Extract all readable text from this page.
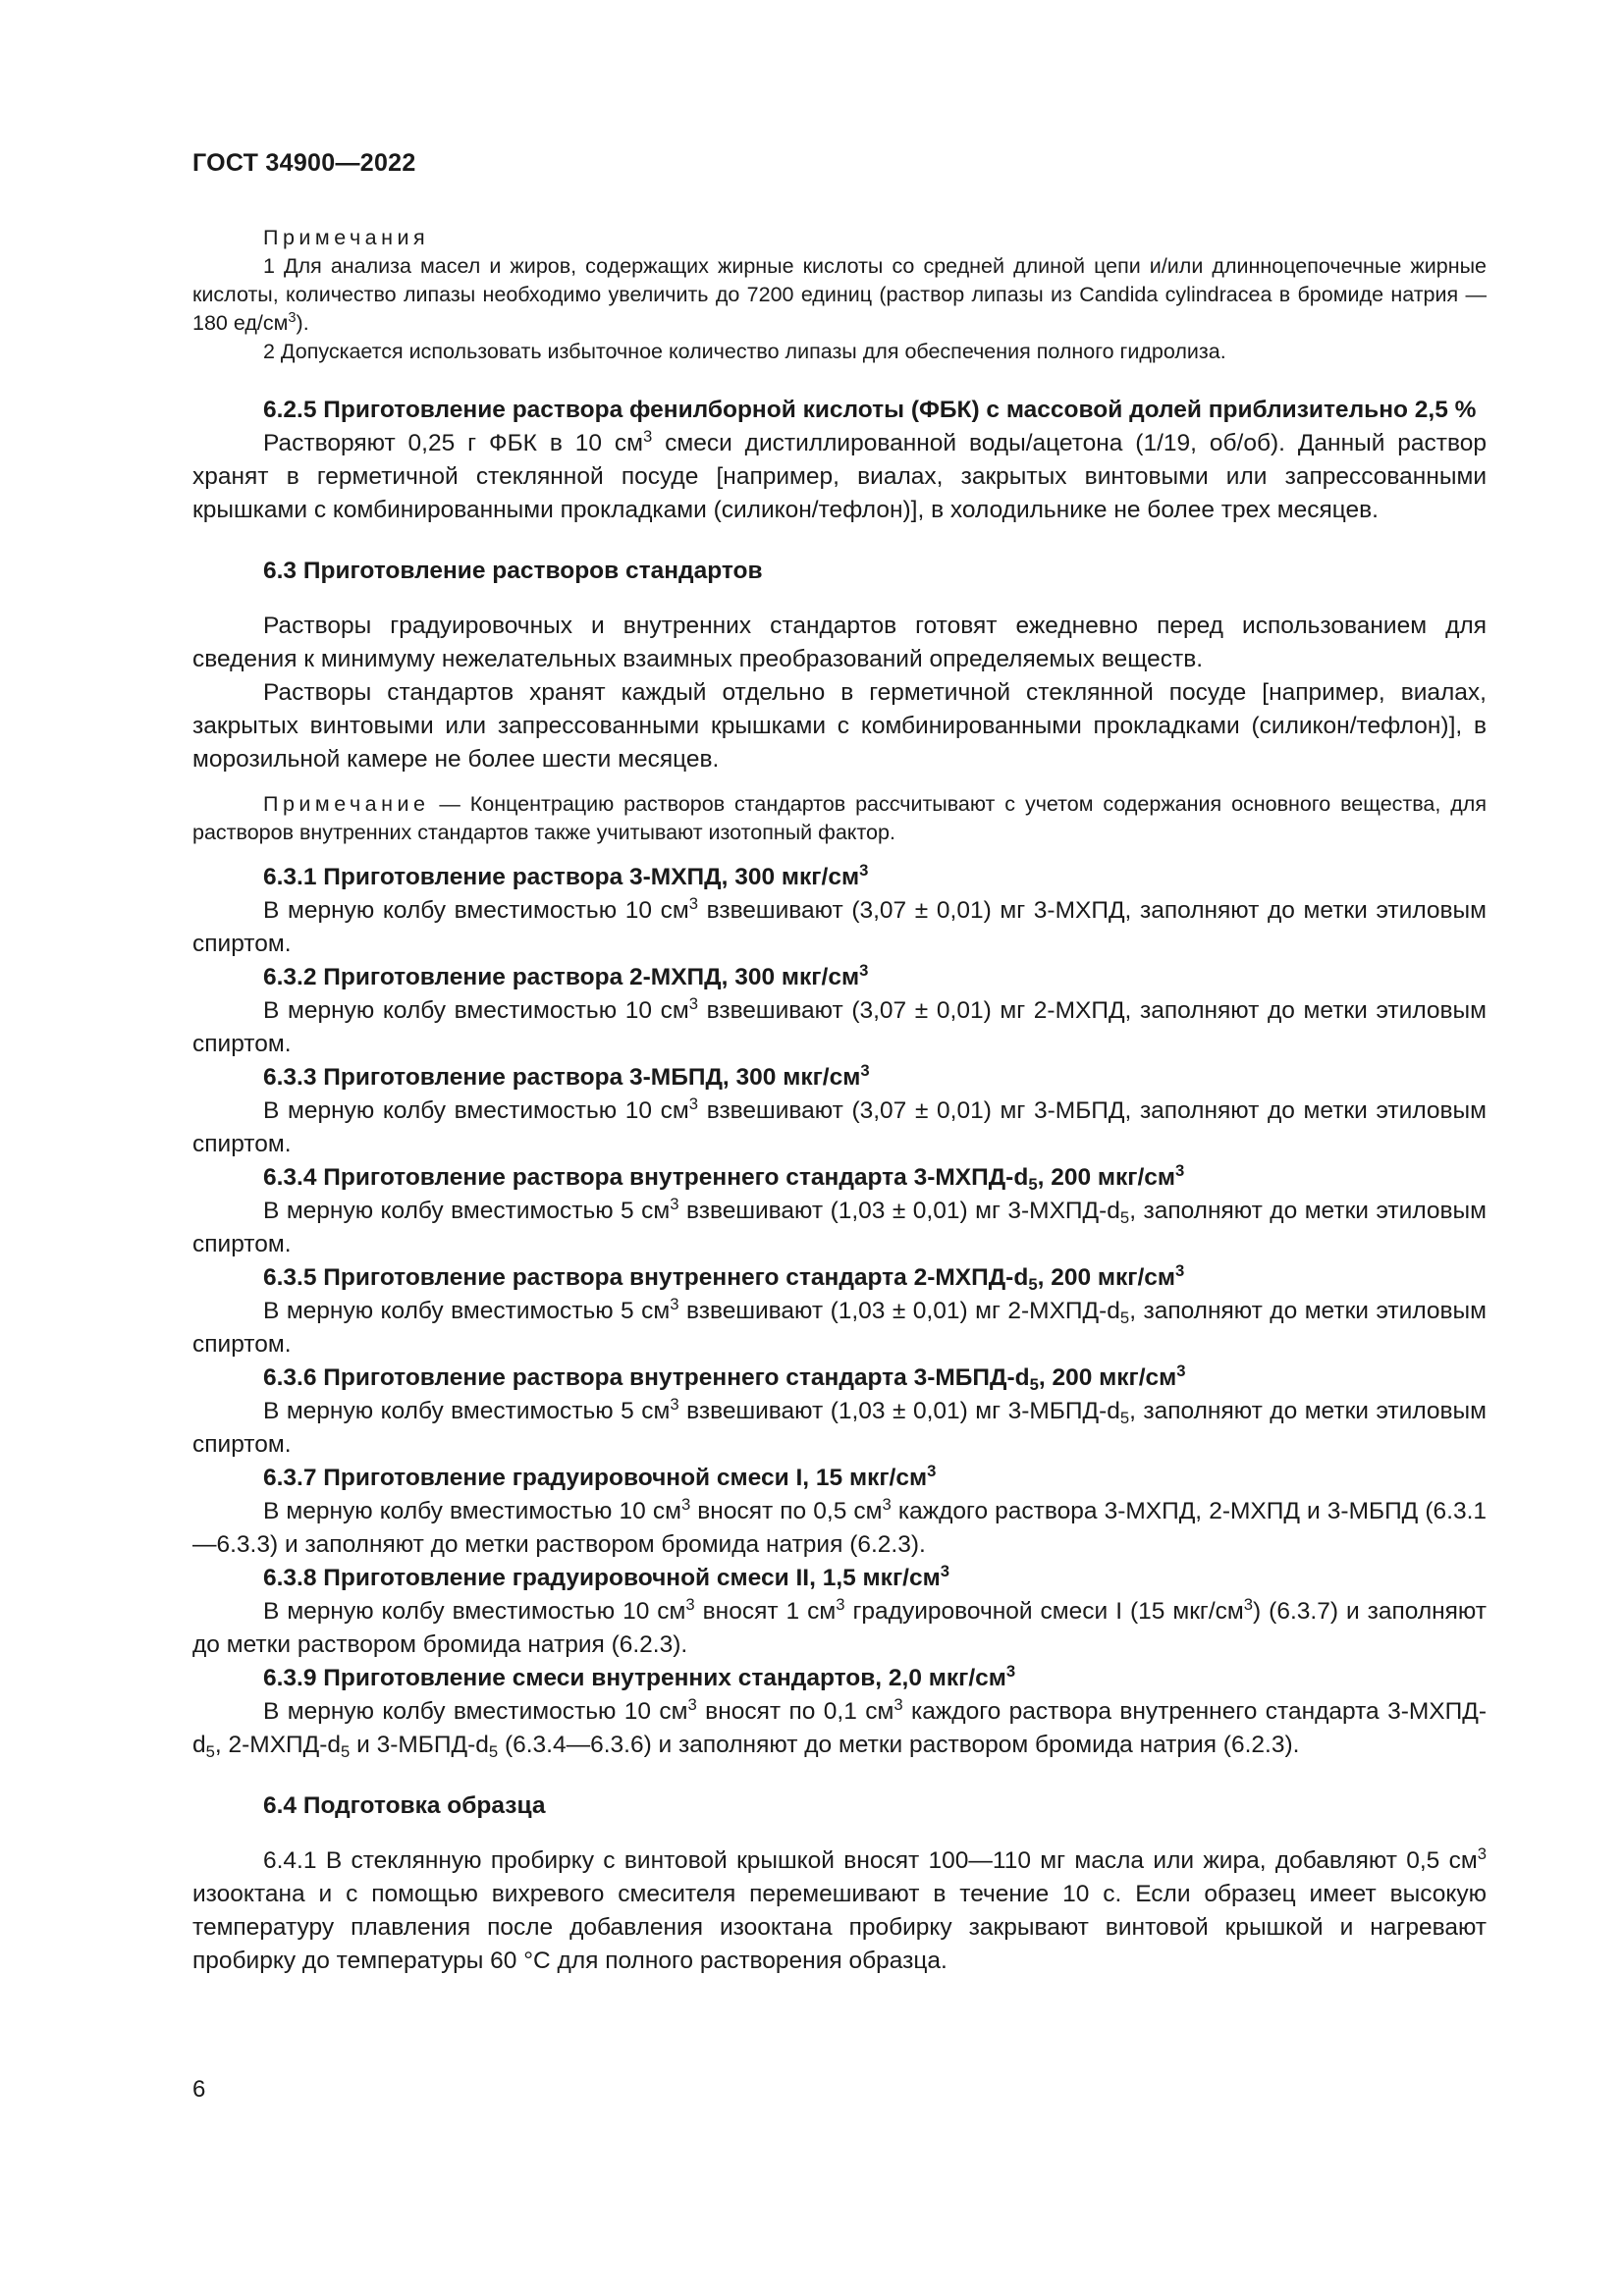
ГОСТ 34900—2022

Примечания

1 Для анализа масел и жиров, содержащих жирные кислоты со средней длиной цепи и/или длинноцепочечные жирные кислоты, количество липазы необходимо увеличить до 7200 единиц (раствор липазы из Candida cylindracea в бромиде натрия — 180 $ед/см^3$).

2 Допускается использовать избыточное количество липазы для обеспечения полного гидролиза.

6.2.5 Приготовление раствора фенилборной кислоты (ФБК) с массовой долей приблизительно 2,5 %

Растворяют 0,25 г ФБК в 10 $см^3$ смеси дистиллированной воды/ацетона (1/19, об/об). Данный раствор хранят в герметичной стеклянной посуде [например, виалах, закрытых винтовыми или запрессованными крышками с комбинированными прокладками (силикон/тефлон)], в холодильнике не более трех месяцев.

6.3 Приготовление растворов стандартов

Растворы градуировочных и внутренних стандартов готовят ежедневно перед использованием для сведения к минимуму нежелательных взаимных преобразований определяемых веществ.

Растворы стандартов хранят каждый отдельно в герметичной стеклянной посуде [например, виалах, закрытых винтовыми или запрессованными крышками с комбинированными прокладками (силикон/тефлон)], в морозильной камере не более шести месяцев.

Примечание — Концентрацию растворов стандартов рассчитывают с учетом содержания основного вещества, для растворов внутренних стандартов также учитывают изотопный фактор.

6.3.1 Приготовление раствора 3-МХПД, 300 мкг/$см^3$

В мерную колбу вместимостью 10 $см^3$ взвешивают (3,07 ± 0,01) мг 3-МХПД, заполняют до метки этиловым спиртом.

6.3.2 Приготовление раствора 2-МХПД, 300 мкг/$см^3$

В мерную колбу вместимостью 10 $см^3$ взвешивают (3,07 ± 0,01) мг 2-МХПД, заполняют до метки этиловым спиртом.

6.3.3 Приготовление раствора 3-МБПД, 300 мкг/$см^3$

В мерную колбу вместимостью 10 $см^3$ взвешивают (3,07 ± 0,01) мг 3-МБПД, заполняют до метки этиловым спиртом.

6.3.4 Приготовление раствора внутреннего стандарта $3-МХПД-d_5$, 200 мкг/$см^3$

В мерную колбу вместимостью 5 $см^3$ взвешивают (1,03 ± 0,01) мг $3-МХПД-d_5$, заполняют до метки этиловым спиртом.

6.3.5 Приготовление раствора внутреннего стандарта $2-МХПД-d_5$, 200 мкг/$см^3$

В мерную колбу вместимостью 5 $см^3$ взвешивают (1,03 ± 0,01) мг $2-МХПД-d_5$, заполняют до метки этиловым спиртом.

6.3.6 Приготовление раствора внутреннего стандарта $3-МБПД-d_5$, 200 мкг/$см^3$

В мерную колбу вместимостью 5 $см^3$ взвешивают (1,03 ± 0,01) мг $3-МБПД-d_5$, заполняют до метки этиловым спиртом.

6.3.7 Приготовление градуировочной смеси I, 15 мкг/$см^3$

В мерную колбу вместимостью 10 $см^3$ вносят по 0,5 $см^3$ каждого раствора 3-МХПД, 2-МХПД и 3-МБПД (6.3.1—6.3.3) и заполняют до метки раствором бромида натрия (6.2.3).

6.3.8 Приготовление градуировочной смеси II, 1,5 мкг/$см^3$

В мерную колбу вместимостью 10 $см^3$ вносят 1 $см^3$ градуировочной смеси I (15 мкг/$см^3$) (6.3.7) и заполняют до метки раствором бромида натрия (6.2.3).

6.3.9 Приготовление смеси внутренних стандартов, 2,0 мкг/$см^3$

В мерную колбу вместимостью 10 $см^3$ вносят по 0,1 $см^3$ каждого раствора внутреннего стандарта $3-МХПД-d_5$, $2-МХПД-d_5$ и $3-МБПД-d_5$ (6.3.4—6.3.6) и заполняют до метки раствором бромида натрия (6.2.3).

6.4 Подготовка образца

6.4.1 В стеклянную пробирку с винтовой крышкой вносят 100—110 мг масла или жира, добавляют 0,5 $см^3$ изооктана и с помощью вихревого смесителя перемешивают в течение 10 с. Если образец имеет высокую температуру плавления после добавления изооктана пробирку закрывают винтовой крышкой и нагревают пробирку до температуры 60 °С для полного растворения образца.

6
